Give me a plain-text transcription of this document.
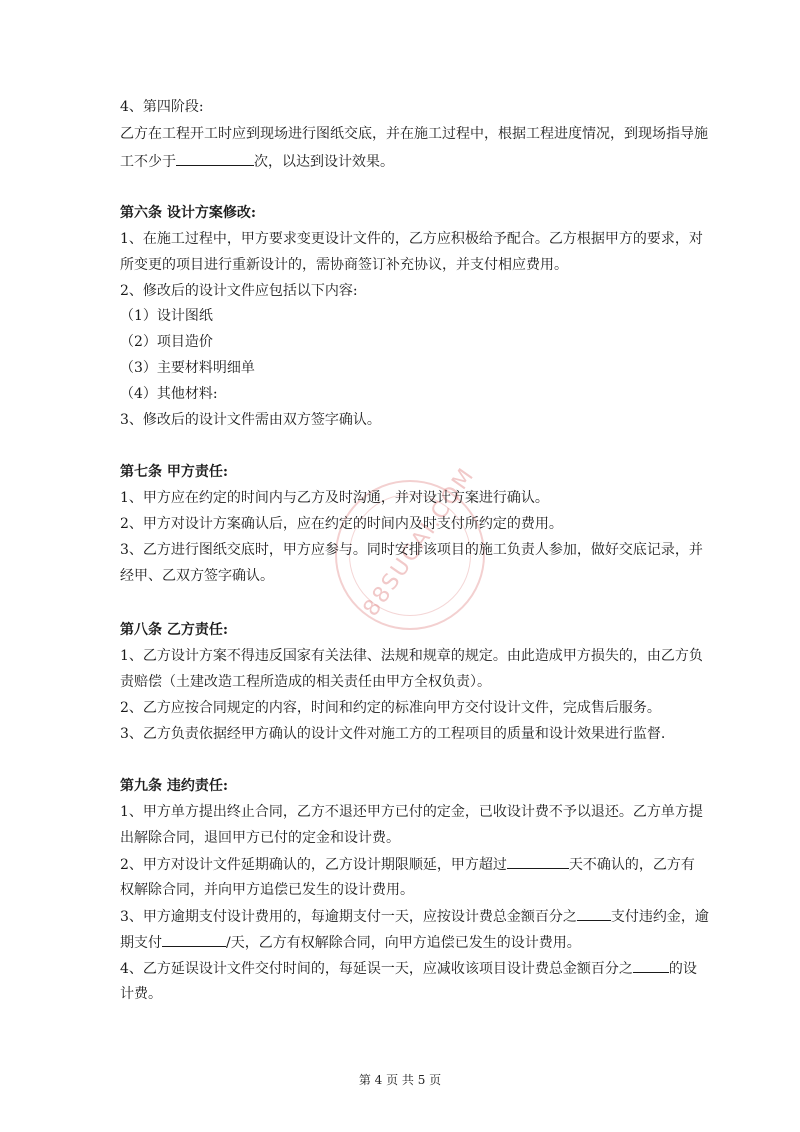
88SUCAI.COM
4、第四阶段:
乙方在工程开工时应到现场进行图纸交底，并在施工过程中，根据工程进度情况，到现场指导施
工不少于	次，以达到设计效果。
第六条 设计方案修改:
1、在施工过程中，甲方要求变更设计文件的，乙方应积极给予配合。乙方根据甲方的要求，对
所变更的项目进行重新设计的，需协商签订补充协议，并支付相应费用。
2、修改后的设计文件应包括以下内容:
（1）设计图纸
（2）项目造价
（3）主要材料明细单
（4）其他材料:
3、修改后的设计文件需由双方签字确认。
第七条 甲方责任:
1、甲方应在约定的时间内与乙方及时沟通，并对设计方案进行确认。
2、甲方对设计方案确认后，应在约定的时间内及时支付所约定的费用。
3、乙方进行图纸交底时，甲方应参与。同时安排该项目的施工负责人参加，做好交底记录，并
经甲、乙双方签字确认。
第八条 乙方责任:
1、乙方设计方案不得违反国家有关法律、法规和规章的规定。由此造成甲方损失的，由乙方负
责赔偿（土建改造工程所造成的相关责任由甲方全权负责）。
2、乙方应按合同规定的内容，时间和约定的标准向甲方交付设计文件，完成售后服务。
3、乙方负责依据经甲方确认的设计文件对施工方的工程项目的质量和设计效果进行监督.
第九条 违约责任:
1、甲方单方提出终止合同，乙方不退还甲方已付的定金，已收设计费不予以退还。乙方单方提
出解除合同，退回甲方已付的定金和设计费。
2、甲方对设计文件延期确认的，乙方设计期限顺延，甲方超过	天不确认的，乙方有
权解除合同，并向甲方追偿已发生的设计费用。
3、甲方逾期支付设计费用的，每逾期支付一天，应按设计费总金额百分之 支付违约金，逾
期支付	/天，乙方有权解除合同，向甲方追偿已发生的设计费用。
4、乙方延误设计文件交付时间的，每延误一天，应减收该项目设计费总金额百分之	的设
计费。
第 4 页 共 5 页
